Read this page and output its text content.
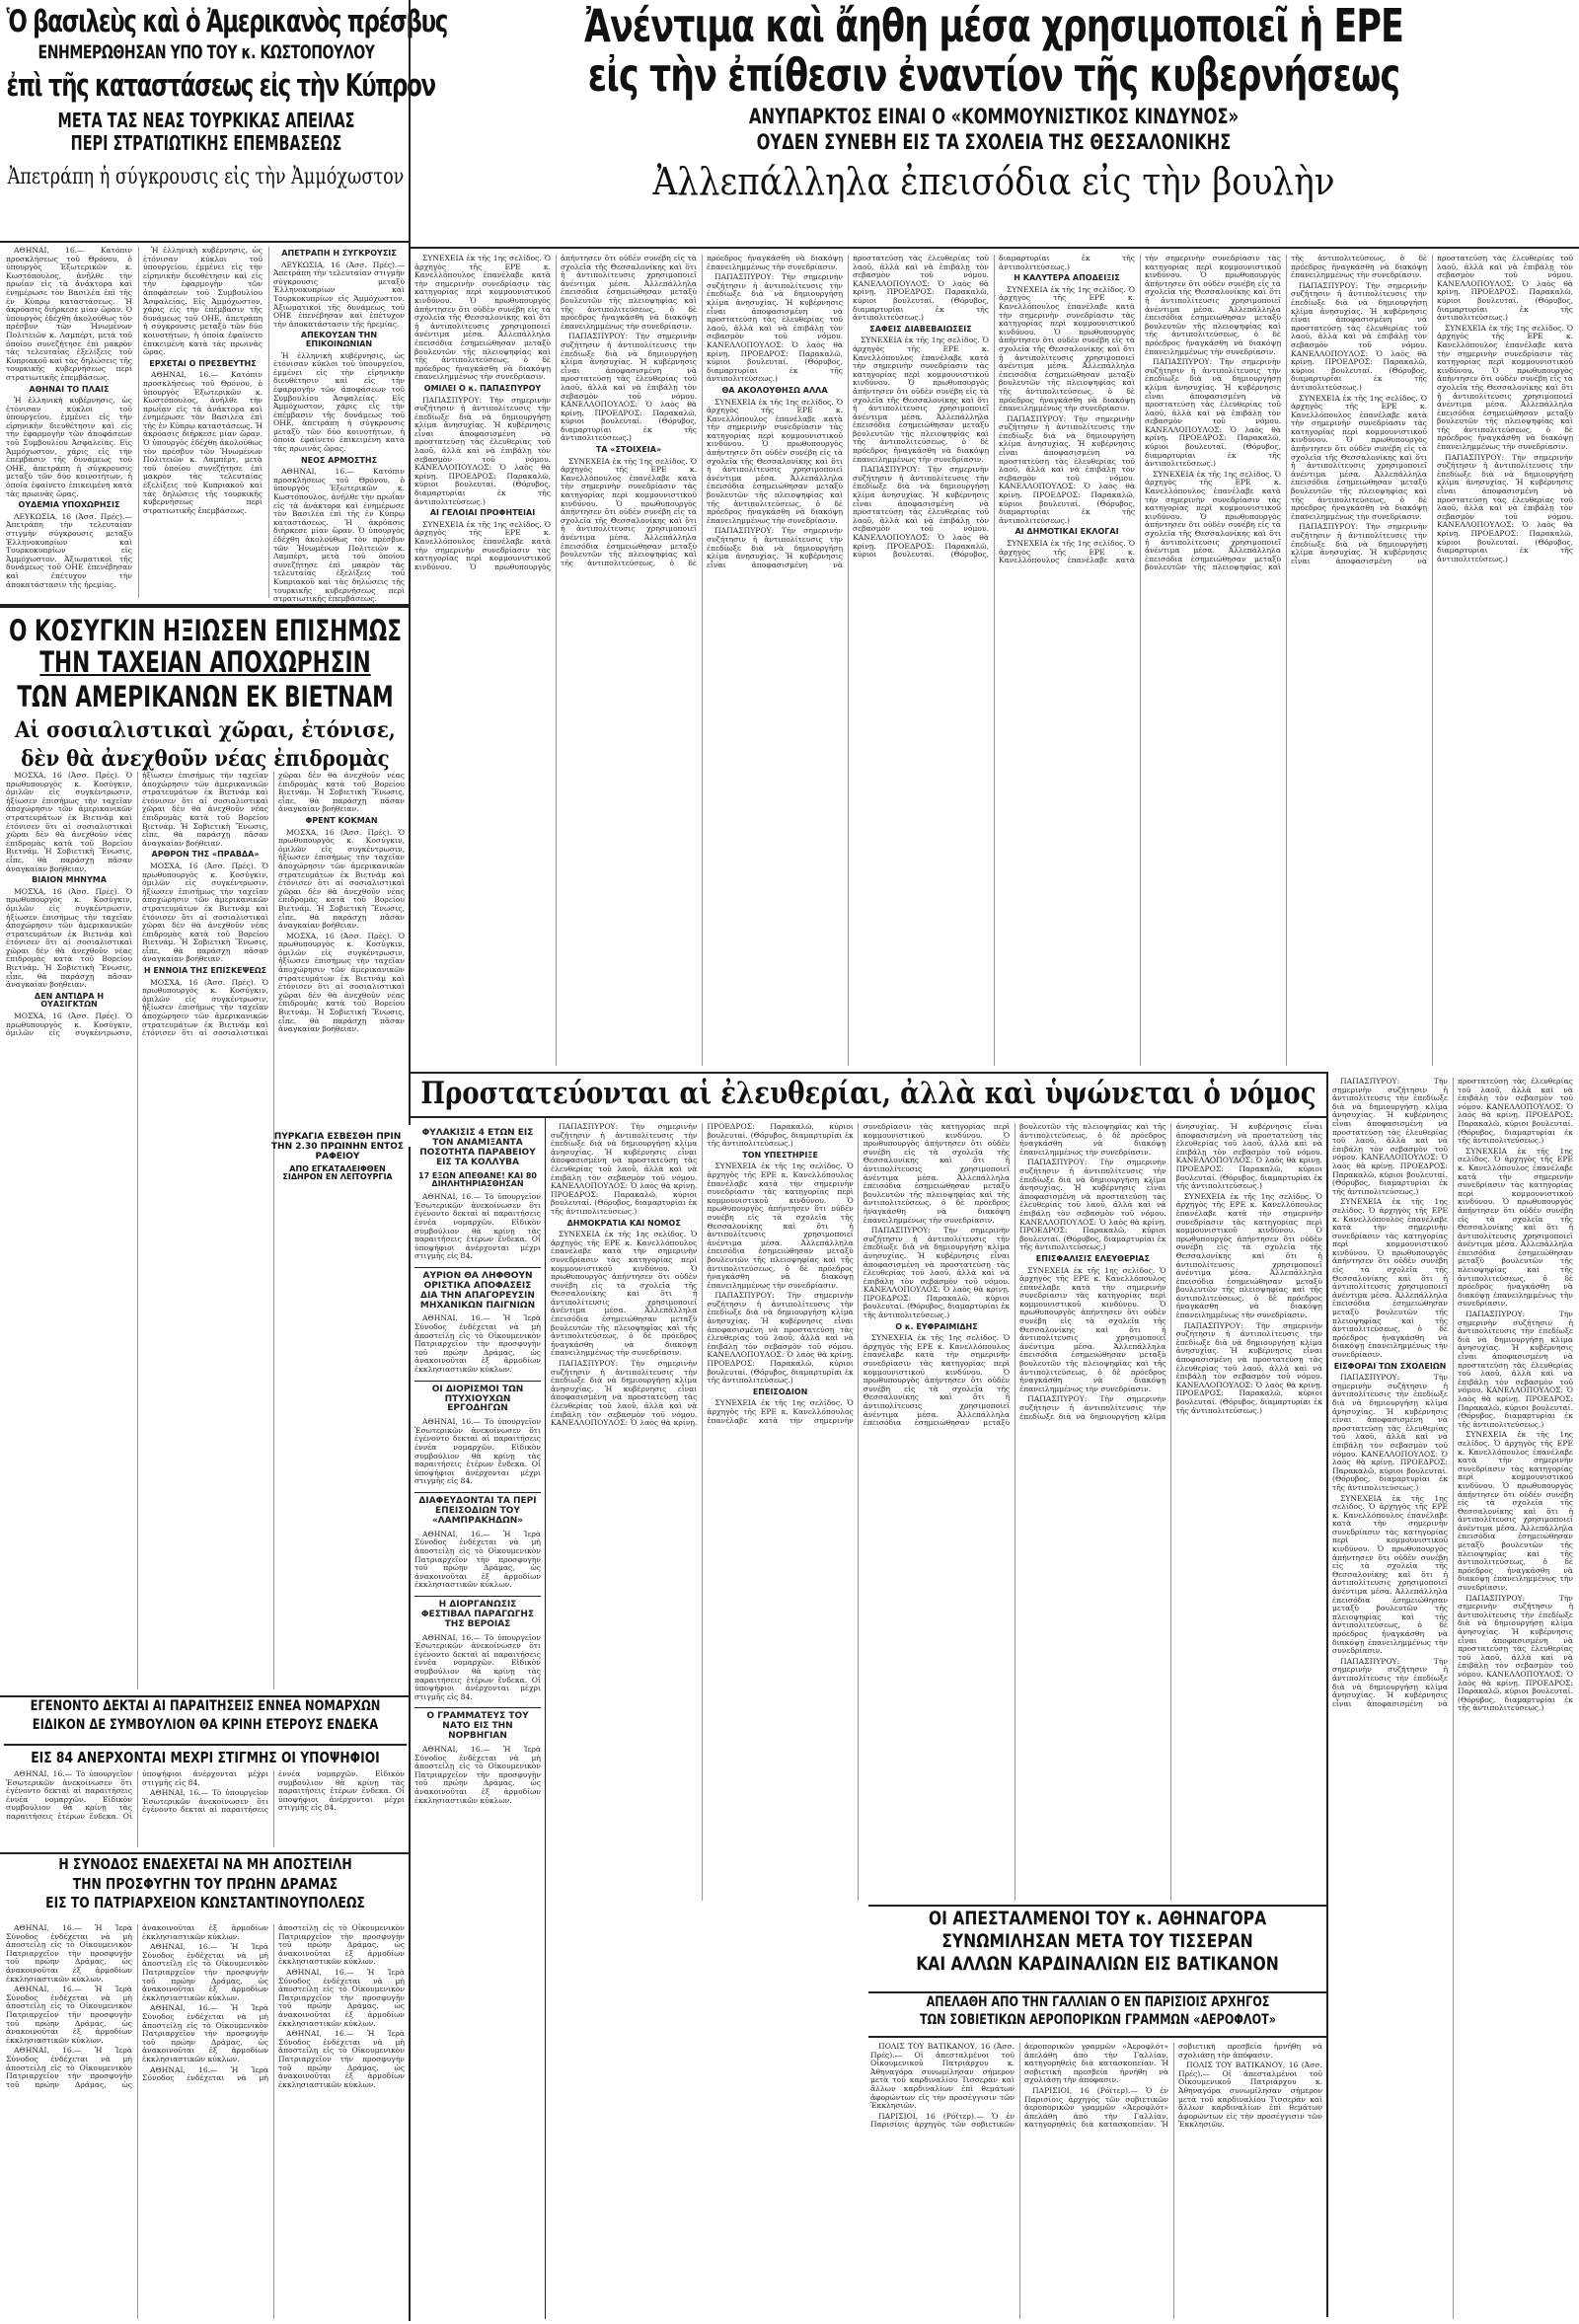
Ὁ βασιλεὺς καὶ ὁ Ἀμερικανὸς πρέσβυς
ΕΝΗΜΕΡΩΘΗΣΑΝ ΥΠΟ ΤΟΥ κ. ΚΩΣΤΟΠΟΥΛΟΥ
ἐπὶ τῆς καταστάσεως εἰς τὴν Κύπρον
ΜΕΤΑ ΤΑΣ ΝΕΑΣ ΤΟΥΡΚΙΚΑΣ ΑΠΕΙΛΑΣ
ΠΕΡΙ ΣΤΡΑΤΙΩΤΙΚΗΣ ΕΠΕΜΒΑΣΕΩΣ
Ἀπετράπη ἡ σύγκρουσις εἰς τὴν Ἀμμόχωστον
Ἀνέντιμα καὶ ἄηθη μέσα χρησιμοποιεῖ ἡ ΕΡΕ
εἰς τὴν ἐπίθεσιν ἐναντίον τῆς κυβερνήσεως
ΑΝΥΠΑΡΚΤΟΣ ΕΙΝΑΙ Ο «ΚΟΜΜΟΥΝΙΣΤΙΚΟΣ ΚΙΝΔΥΝΟΣ»
ΟΥΔΕΝ ΣΥΝΕΒΗ ΕΙΣ ΤΑ ΣΧΟΛΕΙΑ ΤΗΣ ΘΕΣΣΑΛΟΝΙΚΗΣ
Ἀλλεπάλληλα ἐπεισόδια εἰς τὴν βουλὴν

ΑΘΗΝΑΙ, 16.— Κατόπιν προσκλήσεως τοῦ Θρόνου, ὁ ὑπουργὸς Ἐξωτερικῶν κ. Κωστόπουλος, ἀνῆλθε τὴν πρωΐαν εἰς τὰ ἀνάκτορα καὶ ἐνημέρωσε τὸν Βασιλέα ἐπὶ τῆς ἐν Κύπρῳ καταστάσεως. Ἡ ἀκρόασις διήρκεσε μίαν ὥραν. Ὁ ὑπουργὸς ἐδέχθη ἀκολούθως τὸν πρέσβυν τῶν Ἡνωμένων Πολιτειῶν κ. Λαμπέρτ, μετὰ τοῦ ὁποίου συνεζήτησε ἐπὶ μακρὸν τὰς τελευταίας ἐξελίξεις τοῦ Κυπριακοῦ καὶ τὰς δηλώσεις τῆς τουρκικῆς κυβερνήσεως περὶ στρατιωτικῆς ἐπεμβάσεως.

ΑΘΗΝΑΙ ΤΟ ΠΛΑΙΣ

Ἡ ἑλληνικὴ κυβέρνησις, ὡς ἐτόνισαν κύκλοι τοῦ ὑπουργείου, ἐμμένει εἰς τὴν εἰρηνικὴν διευθέτησιν καὶ εἰς τὴν ἐφαρμογὴν τῶν ἀποφάσεων τοῦ Συμβουλίου Ἀσφαλείας. Εἰς Ἀμμόχωστον, χάρις εἰς τὴν ἐπέμβασιν τῆς δυνάμεως τοῦ ΟΗΕ, ἀπετράπη ἡ σύγκρουσις μεταξὺ τῶν δύο κοινοτήτων, ἡ ὁποία ἐφαίνετο ἐπικειμένη κατὰ τὰς πρωινὰς ὥρας.

ΟΥΔΕΜΙΑ ΥΠΟΧΩΡΗΣΙΣ

ΛΕΥΚΩΣΙΑ, 16 (Ἀσσ. Πρές).— Ἀπετράπη τὴν τελευταίαν στιγμὴν σύγκρουσις μεταξὺ Ἑλληνοκυπρίων καὶ Τουρκοκυπρίων εἰς Ἀμμόχωστον. Ἀξιωματικοὶ τῆς δυνάμεως τοῦ ΟΗΕ ἐπενέβησαν καὶ ἐπέτυχον τὴν ἀποκατάστασιν τῆς ἠρεμίας.

Ἡ ἑλληνικὴ κυβέρνησις, ὡς ἐτόνισαν κύκλοι τοῦ ὑπουργείου, ἐμμένει εἰς τὴν εἰρηνικὴν διευθέτησιν καὶ εἰς τὴν ἐφαρμογὴν τῶν ἀποφάσεων τοῦ Συμβουλίου Ἀσφαλείας. Εἰς Ἀμμόχωστον, χάρις εἰς τὴν ἐπέμβασιν τῆς δυνάμεως τοῦ ΟΗΕ, ἀπετράπη ἡ σύγκρουσις μεταξὺ τῶν δύο κοινοτήτων, ἡ ὁποία ἐφαίνετο ἐπικειμένη κατὰ τὰς πρωινὰς ὥρας.

ΕΡΧΕΤΑΙ Ο ΠΡΕΣΒΕΥΤΗΣ

ΑΘΗΝΑΙ, 16.— Κατόπιν προσκλήσεως τοῦ Θρόνου, ὁ ὑπουργὸς Ἐξωτερικῶν κ. Κωστόπουλος, ἀνῆλθε τὴν πρωΐαν εἰς τὰ ἀνάκτορα καὶ ἐνημέρωσε τὸν Βασιλέα ἐπὶ τῆς ἐν Κύπρῳ καταστάσεως. Ἡ ἀκρόασις διήρκεσε μίαν ὥραν. Ὁ ὑπουργὸς ἐδέχθη ἀκολούθως τὸν πρέσβυν τῶν Ἡνωμένων Πολιτειῶν κ. Λαμπέρτ, μετὰ τοῦ ὁποίου συνεζήτησε ἐπὶ μακρὸν τὰς τελευταίας ἐξελίξεις τοῦ Κυπριακοῦ καὶ τὰς δηλώσεις τῆς τουρκικῆς κυβερνήσεως περὶ στρατιωτικῆς ἐπεμβάσεως.

ΑΠΕΤΡΑΠΗ Η ΣΥΓΚΡΟΥΣΙΣ

ΛΕΥΚΩΣΙΑ, 16 (Ἀσσ. Πρές).— Ἀπετράπη τὴν τελευταίαν στιγμὴν σύγκρουσις μεταξὺ Ἑλληνοκυπρίων καὶ Τουρκοκυπρίων εἰς Ἀμμόχωστον. Ἀξιωματικοὶ τῆς δυνάμεως τοῦ ΟΗΕ ἐπενέβησαν καὶ ἐπέτυχον τὴν ἀποκατάστασιν τῆς ἠρεμίας.

ΑΠΕΚΟΥΣΑΝ ΤΗΝ ΕΠΙΚΟΙΝΩΝΙΑΝ

Ἡ ἑλληνικὴ κυβέρνησις, ὡς ἐτόνισαν κύκλοι τοῦ ὑπουργείου, ἐμμένει εἰς τὴν εἰρηνικὴν διευθέτησιν καὶ εἰς τὴν ἐφαρμογὴν τῶν ἀποφάσεων τοῦ Συμβουλίου Ἀσφαλείας. Εἰς Ἀμμόχωστον, χάρις εἰς τὴν ἐπέμβασιν τῆς δυνάμεως τοῦ ΟΗΕ, ἀπετράπη ἡ σύγκρουσις μεταξὺ τῶν δύο κοινοτήτων, ἡ ὁποία ἐφαίνετο ἐπικειμένη κατὰ τὰς πρωινὰς ὥρας.

ΝΕΟΣ ΑΡΜΟΣΤΗΣ

ΑΘΗΝΑΙ, 16.— Κατόπιν προσκλήσεως τοῦ Θρόνου, ὁ ὑπουργὸς Ἐξωτερικῶν κ. Κωστόπουλος, ἀνῆλθε τὴν πρωΐαν εἰς τὰ ἀνάκτορα καὶ ἐνημέρωσε τὸν Βασιλέα ἐπὶ τῆς ἐν Κύπρῳ καταστάσεως. Ἡ ἀκρόασις διήρκεσε μίαν ὥραν. Ὁ ὑπουργὸς ἐδέχθη ἀκολούθως τὸν πρέσβυν τῶν Ἡνωμένων Πολιτειῶν κ. Λαμπέρτ, μετὰ τοῦ ὁποίου συνεζήτησε ἐπὶ μακρὸν τὰς τελευταίας ἐξελίξεις τοῦ Κυπριακοῦ καὶ τὰς δηλώσεις τῆς τουρκικῆς κυβερνήσεως περὶ στρατιωτικῆς ἐπεμβάσεως.

Ο ΚΟΣΥΓΚΙΝ ΗΞΙΩΣΕΝ ΕΠΙΣΗΜΩΣ
ΤΗΝ ΤΑΧΕΙΑΝ ΑΠΟΧΩΡΗΣΙΝ
ΤΩΝ ΑΜΕΡΙΚΑΝΩΝ ΕΚ ΒΙΕΤΝΑΜ
Αἱ σοσιαλιστικαὶ χῶραι, ἐτόνισε,
δὲν θὰ ἀνεχθοῦν νέας ἐπιδρομὰς

ΜΟΣΧΑ, 16 (Ἀσσ. Πρές). Ὁ πρωθυπουργὸς κ. Κοσύγκιν, ὁμιλῶν εἰς συγκέντρωσιν, ἠξίωσεν ἐπισήμως τὴν ταχεῖαν ἀποχώρησιν τῶν ἀμερικανικῶν στρατευμάτων ἐκ Βιετνάμ καὶ ἐτόνισεν ὅτι αἱ σοσιαλιστικαὶ χῶραι δὲν θὰ ἀνεχθοῦν νέας ἐπιδρομὰς κατὰ τοῦ Βορείου Βιετνάμ. Ἡ Σοβιετικὴ Ἕνωσις, εἶπε, θὰ παράσχῃ πᾶσαν ἀναγκαίαν βοήθειαν.

ΒΙΑΙΟΝ ΜΗΝΥΜΑ

ΜΟΣΧΑ, 16 (Ἀσσ. Πρές). Ὁ πρωθυπουργὸς κ. Κοσύγκιν, ὁμιλῶν εἰς συγκέντρωσιν, ἠξίωσεν ἐπισήμως τὴν ταχεῖαν ἀποχώρησιν τῶν ἀμερικανικῶν στρατευμάτων ἐκ Βιετνάμ καὶ ἐτόνισεν ὅτι αἱ σοσιαλιστικαὶ χῶραι δὲν θὰ ἀνεχθοῦν νέας ἐπιδρομὰς κατὰ τοῦ Βορείου Βιετνάμ. Ἡ Σοβιετικὴ Ἕνωσις, εἶπε, θὰ παράσχῃ πᾶσαν ἀναγκαίαν βοήθειαν.

ΔΕΝ ΑΝΤΙΔΡΑ Η ΟΥΑΣΙΓΚΤΩΝ

ΜΟΣΧΑ, 16 (Ἀσσ. Πρές). Ὁ πρωθυπουργὸς κ. Κοσύγκιν, ὁμιλῶν εἰς συγκέντρωσιν, ἠξίωσεν ἐπισήμως τὴν ταχεῖαν ἀποχώρησιν τῶν ἀμερικανικῶν στρατευμάτων ἐκ Βιετνάμ καὶ ἐτόνισεν ὅτι αἱ σοσιαλιστικαὶ χῶραι δὲν θὰ ἀνεχθοῦν νέας ἐπιδρομὰς κατὰ τοῦ Βορείου Βιετνάμ. Ἡ Σοβιετικὴ Ἕνωσις, εἶπε, θὰ παράσχῃ πᾶσαν ἀναγκαίαν βοήθειαν.

ΑΡΘΡΟΝ ΤΗΣ «ΠΡΑΒΔΑ»

ΜΟΣΧΑ, 16 (Ἀσσ. Πρές). Ὁ πρωθυπουργὸς κ. Κοσύγκιν, ὁμιλῶν εἰς συγκέντρωσιν, ἠξίωσεν ἐπισήμως τὴν ταχεῖαν ἀποχώρησιν τῶν ἀμερικανικῶν στρατευμάτων ἐκ Βιετνάμ καὶ ἐτόνισεν ὅτι αἱ σοσιαλιστικαὶ χῶραι δὲν θὰ ἀνεχθοῦν νέας ἐπιδρομὰς κατὰ τοῦ Βορείου Βιετνάμ. Ἡ Σοβιετικὴ Ἕνωσις, εἶπε, θὰ παράσχῃ πᾶσαν ἀναγκαίαν βοήθειαν.

Η ΕΝΝΟΙΑ ΤΗΣ ΕΠΙΣΚΕΨΕΩΣ

ΜΟΣΧΑ, 16 (Ἀσσ. Πρές). Ὁ πρωθυπουργὸς κ. Κοσύγκιν, ὁμιλῶν εἰς συγκέντρωσιν, ἠξίωσεν ἐπισήμως τὴν ταχεῖαν ἀποχώρησιν τῶν ἀμερικανικῶν στρατευμάτων ἐκ Βιετνάμ καὶ ἐτόνισεν ὅτι αἱ σοσιαλιστικαὶ χῶραι δὲν θὰ ἀνεχθοῦν νέας ἐπιδρομὰς κατὰ τοῦ Βορείου Βιετνάμ. Ἡ Σοβιετικὴ Ἕνωσις, εἶπε, θὰ παράσχῃ πᾶσαν ἀναγκαίαν βοήθειαν.

ΦΡΕΝΤ ΚΟΚΜΑΝ

ΜΟΣΧΑ, 16 (Ἀσσ. Πρές). Ὁ πρωθυπουργὸς κ. Κοσύγκιν, ὁμιλῶν εἰς συγκέντρωσιν, ἠξίωσεν ἐπισήμως τὴν ταχεῖαν ἀποχώρησιν τῶν ἀμερικανικῶν στρατευμάτων ἐκ Βιετνάμ καὶ ἐτόνισεν ὅτι αἱ σοσιαλιστικαὶ χῶραι δὲν θὰ ἀνεχθοῦν νέας ἐπιδρομὰς κατὰ τοῦ Βορείου Βιετνάμ. Ἡ Σοβιετικὴ Ἕνωσις, εἶπε, θὰ παράσχῃ πᾶσαν ἀναγκαίαν βοήθειαν.

ΜΟΣΧΑ, 16 (Ἀσσ. Πρές). Ὁ πρωθυπουργὸς κ. Κοσύγκιν, ὁμιλῶν εἰς συγκέντρωσιν, ἠξίωσεν ἐπισήμως τὴν ταχεῖαν ἀποχώρησιν τῶν ἀμερικανικῶν στρατευμάτων ἐκ Βιετνάμ καὶ ἐτόνισεν ὅτι αἱ σοσιαλιστικαὶ χῶραι δὲν θὰ ἀνεχθοῦν νέας ἐπιδρομὰς κατὰ τοῦ Βορείου Βιετνάμ. Ἡ Σοβιετικὴ Ἕνωσις, εἶπε, θὰ παράσχῃ πᾶσαν ἀναγκαίαν βοήθειαν.

ΕΓΕΝΟΝΤΟ ΔΕΚΤΑΙ ΑΙ ΠΑΡΑΙΤΗΣΕΙΣ ΕΝΝΕΑ ΝΟΜΑΡΧΩΝ
ΕΙΔΙΚΟΝ ΔΕ ΣΥΜΒΟΥΛΙΟΝ ΘΑ ΚΡΙΝΗ ΕΤΕΡΟΥΣ ΕΝΔΕΚΑ
ΕΙΣ 84 ΑΝΕΡΧΟΝΤΑΙ ΜΕΧΡΙ ΣΤΙΓΜΗΣ ΟΙ ΥΠΟΨΗΦΙΟΙ

ΑΘΗΝΑΙ, 16.— Τὸ ὑπουργεῖον Ἐσωτερικῶν ἀνεκοίνωσεν ὅτι ἐγένοντο δεκταὶ αἱ παραιτήσεις ἐννέα νομαρχῶν. Εἰδικὸν συμβούλιον θὰ κρίνῃ τὰς παραιτήσεις ἑτέρων ἕνδεκα. Οἱ ὑποψήφιοι ἀνέρχονται μέχρι στιγμῆς εἰς 84.

ΑΘΗΝΑΙ, 16.— Τὸ ὑπουργεῖον Ἐσωτερικῶν ἀνεκοίνωσεν ὅτι ἐγένοντο δεκταὶ αἱ παραιτήσεις ἐννέα νομαρχῶν. Εἰδικὸν συμβούλιον θὰ κρίνῃ τὰς παραιτήσεις ἑτέρων ἕνδεκα. Οἱ ὑποψήφιοι ἀνέρχονται μέχρι στιγμῆς εἰς 84.

Η ΣΥΝΟΔΟΣ ΕΝΔΕΧΕΤΑΙ ΝΑ ΜΗ ΑΠΟΣΤΕΙΛΗ
ΤΗΝ ΠΡΟΣΦΥΓΗΝ ΤΟΥ ΠΡΩΗΝ ΔΡΑΜΑΣ
ΕΙΣ ΤΟ ΠΑΤΡΙΑΡΧΕΙΟΝ ΚΩΝΣΤΑΝΤΙΝΟΥΠΟΛΕΩΣ

ΑΘΗΝΑΙ, 16.— Ἡ Ἱερὰ Σύνοδος ἐνδέχεται νὰ μὴ ἀποστείλῃ εἰς τὸ Οἰκουμενικὸν Πατριαρχεῖον τὴν προσφυγὴν τοῦ πρώην Δράμας, ὡς ἀνακοινοῦται ἐξ ἁρμοδίων ἐκκλησιαστικῶν κύκλων.

ΑΘΗΝΑΙ, 16.— Ἡ Ἱερὰ Σύνοδος ἐνδέχεται νὰ μὴ ἀποστείλῃ εἰς τὸ Οἰκουμενικὸν Πατριαρχεῖον τὴν προσφυγὴν τοῦ πρώην Δράμας, ὡς ἀνακοινοῦται ἐξ ἁρμοδίων ἐκκλησιαστικῶν κύκλων.

ΑΘΗΝΑΙ, 16.— Ἡ Ἱερὰ Σύνοδος ἐνδέχεται νὰ μὴ ἀποστείλῃ εἰς τὸ Οἰκουμενικὸν Πατριαρχεῖον τὴν προσφυγὴν τοῦ πρώην Δράμας, ὡς ἀνακοινοῦται ἐξ ἁρμοδίων ἐκκλησιαστικῶν κύκλων.

ΑΘΗΝΑΙ, 16.— Ἡ Ἱερὰ Σύνοδος ἐνδέχεται νὰ μὴ ἀποστείλῃ εἰς τὸ Οἰκουμενικὸν Πατριαρχεῖον τὴν προσφυγὴν τοῦ πρώην Δράμας, ὡς ἀνακοινοῦται ἐξ ἁρμοδίων ἐκκλησιαστικῶν κύκλων.

ΑΘΗΝΑΙ, 16.— Ἡ Ἱερὰ Σύνοδος ἐνδέχεται νὰ μὴ ἀποστείλῃ εἰς τὸ Οἰκουμενικὸν Πατριαρχεῖον τὴν προσφυγὴν τοῦ πρώην Δράμας, ὡς ἀνακοινοῦται ἐξ ἁρμοδίων ἐκκλησιαστικῶν κύκλων.

ΑΘΗΝΑΙ, 16.— Ἡ Ἱερὰ Σύνοδος ἐνδέχεται νὰ μὴ ἀποστείλῃ εἰς τὸ Οἰκουμενικὸν Πατριαρχεῖον τὴν προσφυγὴν τοῦ πρώην Δράμας, ὡς ἀνακοινοῦται ἐξ ἁρμοδίων ἐκκλησιαστικῶν κύκλων.

ΑΘΗΝΑΙ, 16.— Ἡ Ἱερὰ Σύνοδος ἐνδέχεται νὰ μὴ ἀποστείλῃ εἰς τὸ Οἰκουμενικὸν Πατριαρχεῖον τὴν προσφυγὴν τοῦ πρώην Δράμας, ὡς ἀνακοινοῦται ἐξ ἁρμοδίων ἐκκλησιαστικῶν κύκλων.

ΑΘΗΝΑΙ, 16.— Ἡ Ἱερὰ Σύνοδος ἐνδέχεται νὰ μὴ ἀποστείλῃ εἰς τὸ Οἰκουμενικὸν Πατριαρχεῖον τὴν προσφυγὴν τοῦ πρώην Δράμας, ὡς ἀνακοινοῦται ἐξ ἁρμοδίων ἐκκλησιαστικῶν κύκλων.

ΠΥΡΚΑΓΙΑ ΕΣΒΕΣΘΗ ΠΡΙΝ ΤΗΝ 2.30 ΠΡΩΙΝΗΝ ΕΝΤΟΣ ΡΑΦΕΙΟΥ
ΑΠΟ ΕΓΚΑΤΑΛΕΙΦΘΕΝ ΣΙΔΗΡΟΝ ΕΝ ΛΕΙΤΟΥΡΓΙΑ

ΣΥΝΕΧΕΙΑ ἐκ τῆς 1ης σελίδος. Ὁ ἀρχηγὸς τῆς ΕΡΕ κ. Κανελλόπουλος ἐπανέλαβε κατὰ τὴν σημερινὴν συνεδρίασιν τὰς κατηγορίας περὶ κομμουνιστικοῦ κινδύνου. Ὁ πρωθυπουργὸς ἀπήντησεν ὅτι οὐδὲν συνέβη εἰς τὰ σχολεῖα τῆς Θεσσαλονίκης καὶ ὅτι ἡ ἀντιπολίτευσις χρησιμοποιεῖ ἀνέντιμα μέσα. Ἀλλεπάλληλα ἐπεισόδια ἐσημειώθησαν μεταξὺ βουλευτῶν τῆς πλειοψηφίας καὶ τῆς ἀντιπολιτεύσεως, ὁ δὲ πρόεδρος ἠναγκάσθη νὰ διακόψῃ ἐπανειλημμένως τὴν συνεδρίασιν.

ΟΜΙΛΕΙ Ο κ. ΠΑΠΑΣΠΥΡΟΥ

ΠΑΠΑΣΠΥΡΟΥ: Τὴν σημερινὴν συζήτησιν ἡ ἀντιπολίτευσις τὴν ἐπεδίωξε διὰ νὰ δημιουργήσῃ κλίμα ἀνησυχίας. Ἡ κυβέρνησις εἶναι ἀποφασισμένη νὰ προστατεύσῃ τὰς ἐλευθερίας τοῦ λαοῦ, ἀλλὰ καὶ νὰ ἐπιβάλῃ τὸν σεβασμὸν τοῦ νόμου. ΚΑΝΕΛΛΟΠΟΥΛΟΣ: Ὁ λαὸς θὰ κρίνῃ. ΠΡΟΕΔΡΟΣ: Παρακαλῶ, κύριοι βουλευταί. (Θόρυβος, διαμαρτυρίαι ἐκ τῆς ἀντιπολιτεύσεως.)

ΑΙ ΓΕΛΟΙΑΙ ΠΡΟΦΗΤΕΙΑΙ

ΣΥΝΕΧΕΙΑ ἐκ τῆς 1ης σελίδος. Ὁ ἀρχηγὸς τῆς ΕΡΕ κ. Κανελλόπουλος ἐπανέλαβε κατὰ τὴν σημερινὴν συνεδρίασιν τὰς κατηγορίας περὶ κομμουνιστικοῦ κινδύνου. Ὁ πρωθυπουργὸς ἀπήντησεν ὅτι οὐδὲν συνέβη εἰς τὰ σχολεῖα τῆς Θεσσαλονίκης καὶ ὅτι ἡ ἀντιπολίτευσις χρησιμοποιεῖ ἀνέντιμα μέσα. Ἀλλεπάλληλα ἐπεισόδια ἐσημειώθησαν μεταξὺ βουλευτῶν τῆς πλειοψηφίας καὶ τῆς ἀντιπολιτεύσεως, ὁ δὲ πρόεδρος ἠναγκάσθη νὰ διακόψῃ ἐπανειλημμένως τὴν συνεδρίασιν.

ΠΑΠΑΣΠΥΡΟΥ: Τὴν σημερινὴν συζήτησιν ἡ ἀντιπολίτευσις τὴν ἐπεδίωξε διὰ νὰ δημιουργήσῃ κλίμα ἀνησυχίας. Ἡ κυβέρνησις εἶναι ἀποφασισμένη νὰ προστατεύσῃ τὰς ἐλευθερίας τοῦ λαοῦ, ἀλλὰ καὶ νὰ ἐπιβάλῃ τὸν σεβασμὸν τοῦ νόμου. ΚΑΝΕΛΛΟΠΟΥΛΟΣ: Ὁ λαὸς θὰ κρίνῃ. ΠΡΟΕΔΡΟΣ: Παρακαλῶ, κύριοι βουλευταί. (Θόρυβος, διαμαρτυρίαι ἐκ τῆς ἀντιπολιτεύσεως.)

ΤΑ «ΣΤΟΙΧΕΙΑ»

ΣΥΝΕΧΕΙΑ ἐκ τῆς 1ης σελίδος. Ὁ ἀρχηγὸς τῆς ΕΡΕ κ. Κανελλόπουλος ἐπανέλαβε κατὰ τὴν σημερινὴν συνεδρίασιν τὰς κατηγορίας περὶ κομμουνιστικοῦ κινδύνου. Ὁ πρωθυπουργὸς ἀπήντησεν ὅτι οὐδὲν συνέβη εἰς τὰ σχολεῖα τῆς Θεσσαλονίκης καὶ ὅτι ἡ ἀντιπολίτευσις χρησιμοποιεῖ ἀνέντιμα μέσα. Ἀλλεπάλληλα ἐπεισόδια ἐσημειώθησαν μεταξὺ βουλευτῶν τῆς πλειοψηφίας καὶ τῆς ἀντιπολιτεύσεως, ὁ δὲ πρόεδρος ἠναγκάσθη νὰ διακόψῃ ἐπανειλημμένως τὴν συνεδρίασιν.

ΠΑΠΑΣΠΥΡΟΥ: Τὴν σημερινὴν συζήτησιν ἡ ἀντιπολίτευσις τὴν ἐπεδίωξε διὰ νὰ δημιουργήσῃ κλίμα ἀνησυχίας. Ἡ κυβέρνησις εἶναι ἀποφασισμένη νὰ προστατεύσῃ τὰς ἐλευθερίας τοῦ λαοῦ, ἀλλὰ καὶ νὰ ἐπιβάλῃ τὸν σεβασμὸν τοῦ νόμου. ΚΑΝΕΛΛΟΠΟΥΛΟΣ: Ὁ λαὸς θὰ κρίνῃ. ΠΡΟΕΔΡΟΣ: Παρακαλῶ, κύριοι βουλευταί. (Θόρυβος, διαμαρτυρίαι ἐκ τῆς ἀντιπολιτεύσεως.)

ΘΑ ΑΚΟΛΟΥΘΗΣΩ ΑΛΛΑ

ΣΥΝΕΧΕΙΑ ἐκ τῆς 1ης σελίδος. Ὁ ἀρχηγὸς τῆς ΕΡΕ κ. Κανελλόπουλος ἐπανέλαβε κατὰ τὴν σημερινὴν συνεδρίασιν τὰς κατηγορίας περὶ κομμουνιστικοῦ κινδύνου. Ὁ πρωθυπουργὸς ἀπήντησεν ὅτι οὐδὲν συνέβη εἰς τὰ σχολεῖα τῆς Θεσσαλονίκης καὶ ὅτι ἡ ἀντιπολίτευσις χρησιμοποιεῖ ἀνέντιμα μέσα. Ἀλλεπάλληλα ἐπεισόδια ἐσημειώθησαν μεταξὺ βουλευτῶν τῆς πλειοψηφίας καὶ τῆς ἀντιπολιτεύσεως, ὁ δὲ πρόεδρος ἠναγκάσθη νὰ διακόψῃ ἐπανειλημμένως τὴν συνεδρίασιν.

ΠΑΠΑΣΠΥΡΟΥ: Τὴν σημερινὴν συζήτησιν ἡ ἀντιπολίτευσις τὴν ἐπεδίωξε διὰ νὰ δημιουργήσῃ κλίμα ἀνησυχίας. Ἡ κυβέρνησις εἶναι ἀποφασισμένη νὰ προστατεύσῃ τὰς ἐλευθερίας τοῦ λαοῦ, ἀλλὰ καὶ νὰ ἐπιβάλῃ τὸν σεβασμὸν τοῦ νόμου. ΚΑΝΕΛΛΟΠΟΥΛΟΣ: Ὁ λαὸς θὰ κρίνῃ. ΠΡΟΕΔΡΟΣ: Παρακαλῶ, κύριοι βουλευταί. (Θόρυβος, διαμαρτυρίαι ἐκ τῆς ἀντιπολιτεύσεως.)

ΣΑΦΕΙΣ ΔΙΑΒΕΒΑΙΩΣΕΙΣ

ΣΥΝΕΧΕΙΑ ἐκ τῆς 1ης σελίδος. Ὁ ἀρχηγὸς τῆς ΕΡΕ κ. Κανελλόπουλος ἐπανέλαβε κατὰ τὴν σημερινὴν συνεδρίασιν τὰς κατηγορίας περὶ κομμουνιστικοῦ κινδύνου. Ὁ πρωθυπουργὸς ἀπήντησεν ὅτι οὐδὲν συνέβη εἰς τὰ σχολεῖα τῆς Θεσσαλονίκης καὶ ὅτι ἡ ἀντιπολίτευσις χρησιμοποιεῖ ἀνέντιμα μέσα. Ἀλλεπάλληλα ἐπεισόδια ἐσημειώθησαν μεταξὺ βουλευτῶν τῆς πλειοψηφίας καὶ τῆς ἀντιπολιτεύσεως, ὁ δὲ πρόεδρος ἠναγκάσθη νὰ διακόψῃ ἐπανειλημμένως τὴν συνεδρίασιν.

ΠΑΠΑΣΠΥΡΟΥ: Τὴν σημερινὴν συζήτησιν ἡ ἀντιπολίτευσις τὴν ἐπεδίωξε διὰ νὰ δημιουργήσῃ κλίμα ἀνησυχίας. Ἡ κυβέρνησις εἶναι ἀποφασισμένη νὰ προστατεύσῃ τὰς ἐλευθερίας τοῦ λαοῦ, ἀλλὰ καὶ νὰ ἐπιβάλῃ τὸν σεβασμὸν τοῦ νόμου. ΚΑΝΕΛΛΟΠΟΥΛΟΣ: Ὁ λαὸς θὰ κρίνῃ. ΠΡΟΕΔΡΟΣ: Παρακαλῶ, κύριοι βουλευταί. (Θόρυβος, διαμαρτυρίαι ἐκ τῆς ἀντιπολιτεύσεως.)

Η ΚΑΛΥΤΕΡΑ ΑΠΟΔΕΙΞΙΣ

ΣΥΝΕΧΕΙΑ ἐκ τῆς 1ης σελίδος. Ὁ ἀρχηγὸς τῆς ΕΡΕ κ. Κανελλόπουλος ἐπανέλαβε κατὰ τὴν σημερινὴν συνεδρίασιν τὰς κατηγορίας περὶ κομμουνιστικοῦ κινδύνου. Ὁ πρωθυπουργὸς ἀπήντησεν ὅτι οὐδὲν συνέβη εἰς τὰ σχολεῖα τῆς Θεσσαλονίκης καὶ ὅτι ἡ ἀντιπολίτευσις χρησιμοποιεῖ ἀνέντιμα μέσα. Ἀλλεπάλληλα ἐπεισόδια ἐσημειώθησαν μεταξὺ βουλευτῶν τῆς πλειοψηφίας καὶ τῆς ἀντιπολιτεύσεως, ὁ δὲ πρόεδρος ἠναγκάσθη νὰ διακόψῃ ἐπανειλημμένως τὴν συνεδρίασιν.

ΠΑΠΑΣΠΥΡΟΥ: Τὴν σημερινὴν συζήτησιν ἡ ἀντιπολίτευσις τὴν ἐπεδίωξε διὰ νὰ δημιουργήσῃ κλίμα ἀνησυχίας. Ἡ κυβέρνησις εἶναι ἀποφασισμένη νὰ προστατεύσῃ τὰς ἐλευθερίας τοῦ λαοῦ, ἀλλὰ καὶ νὰ ἐπιβάλῃ τὸν σεβασμὸν τοῦ νόμου. ΚΑΝΕΛΛΟΠΟΥΛΟΣ: Ὁ λαὸς θὰ κρίνῃ. ΠΡΟΕΔΡΟΣ: Παρακαλῶ, κύριοι βουλευταί. (Θόρυβος, διαμαρτυρίαι ἐκ τῆς ἀντιπολιτεύσεως.)

ΑΙ ΔΗΜΟΤΙΚΑΙ ΕΚΛΟΓΑΙ

ΣΥΝΕΧΕΙΑ ἐκ τῆς 1ης σελίδος. Ὁ ἀρχηγὸς τῆς ΕΡΕ κ. Κανελλόπουλος ἐπανέλαβε κατὰ τὴν σημερινὴν συνεδρίασιν τὰς κατηγορίας περὶ κομμουνιστικοῦ κινδύνου. Ὁ πρωθυπουργὸς ἀπήντησεν ὅτι οὐδὲν συνέβη εἰς τὰ σχολεῖα τῆς Θεσσαλονίκης καὶ ὅτι ἡ ἀντιπολίτευσις χρησιμοποιεῖ ἀνέντιμα μέσα. Ἀλλεπάλληλα ἐπεισόδια ἐσημειώθησαν μεταξὺ βουλευτῶν τῆς πλειοψηφίας καὶ τῆς ἀντιπολιτεύσεως, ὁ δὲ πρόεδρος ἠναγκάσθη νὰ διακόψῃ ἐπανειλημμένως τὴν συνεδρίασιν.

ΠΑΠΑΣΠΥΡΟΥ: Τὴν σημερινὴν συζήτησιν ἡ ἀντιπολίτευσις τὴν ἐπεδίωξε διὰ νὰ δημιουργήσῃ κλίμα ἀνησυχίας. Ἡ κυβέρνησις εἶναι ἀποφασισμένη νὰ προστατεύσῃ τὰς ἐλευθερίας τοῦ λαοῦ, ἀλλὰ καὶ νὰ ἐπιβάλῃ τὸν σεβασμὸν τοῦ νόμου. ΚΑΝΕΛΛΟΠΟΥΛΟΣ: Ὁ λαὸς θὰ κρίνῃ. ΠΡΟΕΔΡΟΣ: Παρακαλῶ, κύριοι βουλευταί. (Θόρυβος, διαμαρτυρίαι ἐκ τῆς ἀντιπολιτεύσεως.)

ΣΥΝΕΧΕΙΑ ἐκ τῆς 1ης σελίδος. Ὁ ἀρχηγὸς τῆς ΕΡΕ κ. Κανελλόπουλος ἐπανέλαβε κατὰ τὴν σημερινὴν συνεδρίασιν τὰς κατηγορίας περὶ κομμουνιστικοῦ κινδύνου. Ὁ πρωθυπουργὸς ἀπήντησεν ὅτι οὐδὲν συνέβη εἰς τὰ σχολεῖα τῆς Θεσσαλονίκης καὶ ὅτι ἡ ἀντιπολίτευσις χρησιμοποιεῖ ἀνέντιμα μέσα. Ἀλλεπάλληλα ἐπεισόδια ἐσημειώθησαν μεταξὺ βουλευτῶν τῆς πλειοψηφίας καὶ τῆς ἀντιπολιτεύσεως, ὁ δὲ πρόεδρος ἠναγκάσθη νὰ διακόψῃ ἐπανειλημμένως τὴν συνεδρίασιν.

ΠΑΠΑΣΠΥΡΟΥ: Τὴν σημερινὴν συζήτησιν ἡ ἀντιπολίτευσις τὴν ἐπεδίωξε διὰ νὰ δημιουργήσῃ κλίμα ἀνησυχίας. Ἡ κυβέρνησις εἶναι ἀποφασισμένη νὰ προστατεύσῃ τὰς ἐλευθερίας τοῦ λαοῦ, ἀλλὰ καὶ νὰ ἐπιβάλῃ τὸν σεβασμὸν τοῦ νόμου. ΚΑΝΕΛΛΟΠΟΥΛΟΣ: Ὁ λαὸς θὰ κρίνῃ. ΠΡΟΕΔΡΟΣ: Παρακαλῶ, κύριοι βουλευταί. (Θόρυβος, διαμαρτυρίαι ἐκ τῆς ἀντιπολιτεύσεως.)

ΣΥΝΕΧΕΙΑ ἐκ τῆς 1ης σελίδος. Ὁ ἀρχηγὸς τῆς ΕΡΕ κ. Κανελλόπουλος ἐπανέλαβε κατὰ τὴν σημερινὴν συνεδρίασιν τὰς κατηγορίας περὶ κομμουνιστικοῦ κινδύνου. Ὁ πρωθυπουργὸς ἀπήντησεν ὅτι οὐδὲν συνέβη εἰς τὰ σχολεῖα τῆς Θεσσαλονίκης καὶ ὅτι ἡ ἀντιπολίτευσις χρησιμοποιεῖ ἀνέντιμα μέσα. Ἀλλεπάλληλα ἐπεισόδια ἐσημειώθησαν μεταξὺ βουλευτῶν τῆς πλειοψηφίας καὶ τῆς ἀντιπολιτεύσεως, ὁ δὲ πρόεδρος ἠναγκάσθη νὰ διακόψῃ ἐπανειλημμένως τὴν συνεδρίασιν.

ΠΑΠΑΣΠΥΡΟΥ: Τὴν σημερινὴν συζήτησιν ἡ ἀντιπολίτευσις τὴν ἐπεδίωξε διὰ νὰ δημιουργήσῃ κλίμα ἀνησυχίας. Ἡ κυβέρνησις εἶναι ἀποφασισμένη νὰ προστατεύσῃ τὰς ἐλευθερίας τοῦ λαοῦ, ἀλλὰ καὶ νὰ ἐπιβάλῃ τὸν σεβασμὸν τοῦ νόμου. ΚΑΝΕΛΛΟΠΟΥΛΟΣ: Ὁ λαὸς θὰ κρίνῃ. ΠΡΟΕΔΡΟΣ: Παρακαλῶ, κύριοι βουλευταί. (Θόρυβος, διαμαρτυρίαι ἐκ τῆς ἀντιπολιτεύσεως.)

ΣΥΝΕΧΕΙΑ ἐκ τῆς 1ης σελίδος. Ὁ ἀρχηγὸς τῆς ΕΡΕ κ. Κανελλόπουλος ἐπανέλαβε κατὰ τὴν σημερινὴν συνεδρίασιν τὰς κατηγορίας περὶ κομμουνιστικοῦ κινδύνου. Ὁ πρωθυπουργὸς ἀπήντησεν ὅτι οὐδὲν συνέβη εἰς τὰ σχολεῖα τῆς Θεσσαλονίκης καὶ ὅτι ἡ ἀντιπολίτευσις χρησιμοποιεῖ ἀνέντιμα μέσα. Ἀλλεπάλληλα ἐπεισόδια ἐσημειώθησαν μεταξὺ βουλευτῶν τῆς πλειοψηφίας καὶ τῆς ἀντιπολιτεύσεως, ὁ δὲ πρόεδρος ἠναγκάσθη νὰ διακόψῃ ἐπανειλημμένως τὴν συνεδρίασιν.

ΠΑΠΑΣΠΥΡΟΥ: Τὴν σημερινὴν συζήτησιν ἡ ἀντιπολίτευσις τὴν ἐπεδίωξε διὰ νὰ δημιουργήσῃ κλίμα ἀνησυχίας. Ἡ κυβέρνησις εἶναι ἀποφασισμένη νὰ προστατεύσῃ τὰς ἐλευθερίας τοῦ λαοῦ, ἀλλὰ καὶ νὰ ἐπιβάλῃ τὸν σεβασμὸν τοῦ νόμου. ΚΑΝΕΛΛΟΠΟΥΛΟΣ: Ὁ λαὸς θὰ κρίνῃ. ΠΡΟΕΔΡΟΣ: Παρακαλῶ, κύριοι βουλευταί. (Θόρυβος, διαμαρτυρίαι ἐκ τῆς ἀντιπολιτεύσεως.)

Προστατεύονται αἱ ἐλευθερίαι, ἀλλὰ καὶ ὑψώνεται ὁ νόμος
ΦΥΛΑΚΙΣΙΣ 4 ΕΤΩΝ ΕΙΣ ΤΟΝ ΑΝΑΜΙΞΑΝΤΑ ΠΟΣΟΤΗΤΑ ΠΑΡΑΒΕΙΟΥ ΕΙΣ ΤΑ ΚΟΛΛΥΒΑ
17 ΕΞΩΝ ΑΠΕΘΑΝΕ! ΚΑΙ 80 ΔΙΗΛΗΤΗΡΙΑΣΘΗΣΑΝ

ΑΘΗΝΑΙ, 16.— Τὸ ὑπουργεῖον Ἐσωτερικῶν ἀνεκοίνωσεν ὅτι ἐγένοντο δεκταὶ αἱ παραιτήσεις ἐννέα νομαρχῶν. Εἰδικὸν συμβούλιον θὰ κρίνῃ τὰς παραιτήσεις ἑτέρων ἕνδεκα. Οἱ ὑποψήφιοι ἀνέρχονται μέχρι στιγμῆς εἰς 84.

ΑΥΡΙΟΝ ΘΑ ΛΗΦΘΟΥΝ ΟΡΙΣΤΙΚΑ ΑΠΟΦΑΣΕΙΣ ΔΙΑ ΤΗΝ ΑΠΑΓΟΡΕΥΣΙΝ ΜΗΧΑΝΙΚΩΝ ΠΑΙΓΝΙΩΝ

ΑΘΗΝΑΙ, 16.— Ἡ Ἱερὰ Σύνοδος ἐνδέχεται νὰ μὴ ἀποστείλῃ εἰς τὸ Οἰκουμενικὸν Πατριαρχεῖον τὴν προσφυγὴν τοῦ πρώην Δράμας, ὡς ἀνακοινοῦται ἐξ ἁρμοδίων ἐκκλησιαστικῶν κύκλων.

ΟΙ ΔΙΟΡΙΣΜΟΙ ΤΩΝ ΠΤΥΧΙΟΥΧΩΝ ΕΡΓΟΔΗΓΩΝ

ΑΘΗΝΑΙ, 16.— Τὸ ὑπουργεῖον Ἐσωτερικῶν ἀνεκοίνωσεν ὅτι ἐγένοντο δεκταὶ αἱ παραιτήσεις ἐννέα νομαρχῶν. Εἰδικὸν συμβούλιον θὰ κρίνῃ τὰς παραιτήσεις ἑτέρων ἕνδεκα. Οἱ ὑποψήφιοι ἀνέρχονται μέχρι στιγμῆς εἰς 84.

ΔΙΑΦΕΥΔΟΝΤΑΙ ΤΑ ΠΕΡΙ ΕΠΕΙΣΟΔΙΩΝ ΤΟΥ «ΛΑΜΠΡΑΚΗΔΩΝ»

ΑΘΗΝΑΙ, 16.— Ἡ Ἱερὰ Σύνοδος ἐνδέχεται νὰ μὴ ἀποστείλῃ εἰς τὸ Οἰκουμενικὸν Πατριαρχεῖον τὴν προσφυγὴν τοῦ πρώην Δράμας, ὡς ἀνακοινοῦται ἐξ ἁρμοδίων ἐκκλησιαστικῶν κύκλων.

Η ΔΙΟΡΓΑΝΩΣΙΣ ΦΕΣΤΙΒΑΛ ΠΑΡΑΓΩΓΗΣ ΤΗΣ ΒΕΡΟΙΑΣ

ΑΘΗΝΑΙ, 16.— Τὸ ὑπουργεῖον Ἐσωτερικῶν ἀνεκοίνωσεν ὅτι ἐγένοντο δεκταὶ αἱ παραιτήσεις ἐννέα νομαρχῶν. Εἰδικὸν συμβούλιον θὰ κρίνῃ τὰς παραιτήσεις ἑτέρων ἕνδεκα. Οἱ ὑποψήφιοι ἀνέρχονται μέχρι στιγμῆς εἰς 84.

Ο ΓΡΑΜΜΑΤΕΥΣ ΤΟΥ ΝΑΤΟ ΕΙΣ ΤΗΝ ΝΟΡΒΗΓΙΑΝ

ΑΘΗΝΑΙ, 16.— Ἡ Ἱερὰ Σύνοδος ἐνδέχεται νὰ μὴ ἀποστείλῃ εἰς τὸ Οἰκουμενικὸν Πατριαρχεῖον τὴν προσφυγὴν τοῦ πρώην Δράμας, ὡς ἀνακοινοῦται ἐξ ἁρμοδίων ἐκκλησιαστικῶν κύκλων.

ΠΑΠΑΣΠΥΡΟΥ: Τὴν σημερινὴν συζήτησιν ἡ ἀντιπολίτευσις τὴν ἐπεδίωξε διὰ νὰ δημιουργήσῃ κλίμα ἀνησυχίας. Ἡ κυβέρνησις εἶναι ἀποφασισμένη νὰ προστατεύσῃ τὰς ἐλευθερίας τοῦ λαοῦ, ἀλλὰ καὶ νὰ ἐπιβάλῃ τὸν σεβασμὸν τοῦ νόμου. ΚΑΝΕΛΛΟΠΟΥΛΟΣ: Ὁ λαὸς θὰ κρίνῃ. ΠΡΟΕΔΡΟΣ: Παρακαλῶ, κύριοι βουλευταί. (Θόρυβος, διαμαρτυρίαι ἐκ τῆς ἀντιπολιτεύσεως.)

ΔΗΜΟΚΡΑΤΙΑ ΚΑΙ ΝΟΜΟΣ

ΣΥΝΕΧΕΙΑ ἐκ τῆς 1ης σελίδος. Ὁ ἀρχηγὸς τῆς ΕΡΕ κ. Κανελλόπουλος ἐπανέλαβε κατὰ τὴν σημερινὴν συνεδρίασιν τὰς κατηγορίας περὶ κομμουνιστικοῦ κινδύνου. Ὁ πρωθυπουργὸς ἀπήντησεν ὅτι οὐδὲν συνέβη εἰς τὰ σχολεῖα τῆς Θεσσαλονίκης καὶ ὅτι ἡ ἀντιπολίτευσις χρησιμοποιεῖ ἀνέντιμα μέσα. Ἀλλεπάλληλα ἐπεισόδια ἐσημειώθησαν μεταξὺ βουλευτῶν τῆς πλειοψηφίας καὶ τῆς ἀντιπολιτεύσεως, ὁ δὲ πρόεδρος ἠναγκάσθη νὰ διακόψῃ ἐπανειλημμένως τὴν συνεδρίασιν.

ΠΑΠΑΣΠΥΡΟΥ: Τὴν σημερινὴν συζήτησιν ἡ ἀντιπολίτευσις τὴν ἐπεδίωξε διὰ νὰ δημιουργήσῃ κλίμα ἀνησυχίας. Ἡ κυβέρνησις εἶναι ἀποφασισμένη νὰ προστατεύσῃ τὰς ἐλευθερίας τοῦ λαοῦ, ἀλλὰ καὶ νὰ ἐπιβάλῃ τὸν σεβασμὸν τοῦ νόμου. ΚΑΝΕΛΛΟΠΟΥΛΟΣ: Ὁ λαὸς θὰ κρίνῃ. ΠΡΟΕΔΡΟΣ: Παρακαλῶ, κύριοι βουλευταί. (Θόρυβος, διαμαρτυρίαι ἐκ τῆς ἀντιπολιτεύσεως.)

ΤΟΝ ΥΠΕΣΤΗΡΙΞΕ

ΣΥΝΕΧΕΙΑ ἐκ τῆς 1ης σελίδος. Ὁ ἀρχηγὸς τῆς ΕΡΕ κ. Κανελλόπουλος ἐπανέλαβε κατὰ τὴν σημερινὴν συνεδρίασιν τὰς κατηγορίας περὶ κομμουνιστικοῦ κινδύνου. Ὁ πρωθυπουργὸς ἀπήντησεν ὅτι οὐδὲν συνέβη εἰς τὰ σχολεῖα τῆς Θεσσαλονίκης καὶ ὅτι ἡ ἀντιπολίτευσις χρησιμοποιεῖ ἀνέντιμα μέσα. Ἀλλεπάλληλα ἐπεισόδια ἐσημειώθησαν μεταξὺ βουλευτῶν τῆς πλειοψηφίας καὶ τῆς ἀντιπολιτεύσεως, ὁ δὲ πρόεδρος ἠναγκάσθη νὰ διακόψῃ ἐπανειλημμένως τὴν συνεδρίασιν.

ΠΑΠΑΣΠΥΡΟΥ: Τὴν σημερινὴν συζήτησιν ἡ ἀντιπολίτευσις τὴν ἐπεδίωξε διὰ νὰ δημιουργήσῃ κλίμα ἀνησυχίας. Ἡ κυβέρνησις εἶναι ἀποφασισμένη νὰ προστατεύσῃ τὰς ἐλευθερίας τοῦ λαοῦ, ἀλλὰ καὶ νὰ ἐπιβάλῃ τὸν σεβασμὸν τοῦ νόμου. ΚΑΝΕΛΛΟΠΟΥΛΟΣ: Ὁ λαὸς θὰ κρίνῃ. ΠΡΟΕΔΡΟΣ: Παρακαλῶ, κύριοι βουλευταί. (Θόρυβος, διαμαρτυρίαι ἐκ τῆς ἀντιπολιτεύσεως.)

ΕΠΕΙΣΟΔΙΟΝ

ΣΥΝΕΧΕΙΑ ἐκ τῆς 1ης σελίδος. Ὁ ἀρχηγὸς τῆς ΕΡΕ κ. Κανελλόπουλος ἐπανέλαβε κατὰ τὴν σημερινὴν συνεδρίασιν τὰς κατηγορίας περὶ κομμουνιστικοῦ κινδύνου. Ὁ πρωθυπουργὸς ἀπήντησεν ὅτι οὐδὲν συνέβη εἰς τὰ σχολεῖα τῆς Θεσσαλονίκης καὶ ὅτι ἡ ἀντιπολίτευσις χρησιμοποιεῖ ἀνέντιμα μέσα. Ἀλλεπάλληλα ἐπεισόδια ἐσημειώθησαν μεταξὺ βουλευτῶν τῆς πλειοψηφίας καὶ τῆς ἀντιπολιτεύσεως, ὁ δὲ πρόεδρος ἠναγκάσθη νὰ διακόψῃ ἐπανειλημμένως τὴν συνεδρίασιν.

ΠΑΠΑΣΠΥΡΟΥ: Τὴν σημερινὴν συζήτησιν ἡ ἀντιπολίτευσις τὴν ἐπεδίωξε διὰ νὰ δημιουργήσῃ κλίμα ἀνησυχίας. Ἡ κυβέρνησις εἶναι ἀποφασισμένη νὰ προστατεύσῃ τὰς ἐλευθερίας τοῦ λαοῦ, ἀλλὰ καὶ νὰ ἐπιβάλῃ τὸν σεβασμὸν τοῦ νόμου. ΚΑΝΕΛΛΟΠΟΥΛΟΣ: Ὁ λαὸς θὰ κρίνῃ. ΠΡΟΕΔΡΟΣ: Παρακαλῶ, κύριοι βουλευταί. (Θόρυβος, διαμαρτυρίαι ἐκ τῆς ἀντιπολιτεύσεως.)

Ο κ. ΕΥΦΡΑΙΜΙΔΗΣ

ΣΥΝΕΧΕΙΑ ἐκ τῆς 1ης σελίδος. Ὁ ἀρχηγὸς τῆς ΕΡΕ κ. Κανελλόπουλος ἐπανέλαβε κατὰ τὴν σημερινὴν συνεδρίασιν τὰς κατηγορίας περὶ κομμουνιστικοῦ κινδύνου. Ὁ πρωθυπουργὸς ἀπήντησεν ὅτι οὐδὲν συνέβη εἰς τὰ σχολεῖα τῆς Θεσσαλονίκης καὶ ὅτι ἡ ἀντιπολίτευσις χρησιμοποιεῖ ἀνέντιμα μέσα. Ἀλλεπάλληλα ἐπεισόδια ἐσημειώθησαν μεταξὺ βουλευτῶν τῆς πλειοψηφίας καὶ τῆς ἀντιπολιτεύσεως, ὁ δὲ πρόεδρος ἠναγκάσθη νὰ διακόψῃ ἐπανειλημμένως τὴν συνεδρίασιν.

ΠΑΠΑΣΠΥΡΟΥ: Τὴν σημερινὴν συζήτησιν ἡ ἀντιπολίτευσις τὴν ἐπεδίωξε διὰ νὰ δημιουργήσῃ κλίμα ἀνησυχίας. Ἡ κυβέρνησις εἶναι ἀποφασισμένη νὰ προστατεύσῃ τὰς ἐλευθερίας τοῦ λαοῦ, ἀλλὰ καὶ νὰ ἐπιβάλῃ τὸν σεβασμὸν τοῦ νόμου. ΚΑΝΕΛΛΟΠΟΥΛΟΣ: Ὁ λαὸς θὰ κρίνῃ. ΠΡΟΕΔΡΟΣ: Παρακαλῶ, κύριοι βουλευταί. (Θόρυβος, διαμαρτυρίαι ἐκ τῆς ἀντιπολιτεύσεως.)

ΕΠΙΣΦΑΛΙΣΙΣ ΕΛΕΥΘΕΡΙΑΣ

ΣΥΝΕΧΕΙΑ ἐκ τῆς 1ης σελίδος. Ὁ ἀρχηγὸς τῆς ΕΡΕ κ. Κανελλόπουλος ἐπανέλαβε κατὰ τὴν σημερινὴν συνεδρίασιν τὰς κατηγορίας περὶ κομμουνιστικοῦ κινδύνου. Ὁ πρωθυπουργὸς ἀπήντησεν ὅτι οὐδὲν συνέβη εἰς τὰ σχολεῖα τῆς Θεσσαλονίκης καὶ ὅτι ἡ ἀντιπολίτευσις χρησιμοποιεῖ ἀνέντιμα μέσα. Ἀλλεπάλληλα ἐπεισόδια ἐσημειώθησαν μεταξὺ βουλευτῶν τῆς πλειοψηφίας καὶ τῆς ἀντιπολιτεύσεως, ὁ δὲ πρόεδρος ἠναγκάσθη νὰ διακόψῃ ἐπανειλημμένως τὴν συνεδρίασιν.

ΠΑΠΑΣΠΥΡΟΥ: Τὴν σημερινὴν συζήτησιν ἡ ἀντιπολίτευσις τὴν ἐπεδίωξε διὰ νὰ δημιουργήσῃ κλίμα ἀνησυχίας. Ἡ κυβέρνησις εἶναι ἀποφασισμένη νὰ προστατεύσῃ τὰς ἐλευθερίας τοῦ λαοῦ, ἀλλὰ καὶ νὰ ἐπιβάλῃ τὸν σεβασμὸν τοῦ νόμου. ΚΑΝΕΛΛΟΠΟΥΛΟΣ: Ὁ λαὸς θὰ κρίνῃ. ΠΡΟΕΔΡΟΣ: Παρακαλῶ, κύριοι βουλευταί. (Θόρυβος, διαμαρτυρίαι ἐκ τῆς ἀντιπολιτεύσεως.)

ΣΥΝΕΧΕΙΑ ἐκ τῆς 1ης σελίδος. Ὁ ἀρχηγὸς τῆς ΕΡΕ κ. Κανελλόπουλος ἐπανέλαβε κατὰ τὴν σημερινὴν συνεδρίασιν τὰς κατηγορίας περὶ κομμουνιστικοῦ κινδύνου. Ὁ πρωθυπουργὸς ἀπήντησεν ὅτι οὐδὲν συνέβη εἰς τὰ σχολεῖα τῆς Θεσσαλονίκης καὶ ὅτι ἡ ἀντιπολίτευσις χρησιμοποιεῖ ἀνέντιμα μέσα. Ἀλλεπάλληλα ἐπεισόδια ἐσημειώθησαν μεταξὺ βουλευτῶν τῆς πλειοψηφίας καὶ τῆς ἀντιπολιτεύσεως, ὁ δὲ πρόεδρος ἠναγκάσθη νὰ διακόψῃ ἐπανειλημμένως τὴν συνεδρίασιν.

ΠΑΠΑΣΠΥΡΟΥ: Τὴν σημερινὴν συζήτησιν ἡ ἀντιπολίτευσις τὴν ἐπεδίωξε διὰ νὰ δημιουργήσῃ κλίμα ἀνησυχίας. Ἡ κυβέρνησις εἶναι ἀποφασισμένη νὰ προστατεύσῃ τὰς ἐλευθερίας τοῦ λαοῦ, ἀλλὰ καὶ νὰ ἐπιβάλῃ τὸν σεβασμὸν τοῦ νόμου. ΚΑΝΕΛΛΟΠΟΥΛΟΣ: Ὁ λαὸς θὰ κρίνῃ. ΠΡΟΕΔΡΟΣ: Παρακαλῶ, κύριοι βουλευταί. (Θόρυβος, διαμαρτυρίαι ἐκ τῆς ἀντιπολιτεύσεως.)

ΟΙ ΑΠΕΣΤΑΛΜΕΝΟΙ ΤΟΥ κ. ΑΘΗΝΑΓΟΡΑ
ΣΥΝΩΜΙΛΗΣΑΝ ΜΕΤΑ ΤΟΥ ΤΙΣΣΕΡΑΝ
ΚΑΙ ΑΛΛΩΝ ΚΑΡΔΙΝΑΛΙΩΝ ΕΙΣ ΒΑΤΙΚΑΝΟΝ
ΑΠΕΛΑΘΗ ΑΠΟ ΤΗΝ ΓΑΛΛΙΑΝ Ο ΕΝ ΠΑΡΙΣΙΟΙΣ ΑΡΧΗΓΟΣ
ΤΩΝ ΣΟΒΙΕΤΙΚΩΝ ΑΕΡΟΠΟΡΙΚΩΝ ΓΡΑΜΜΩΝ «ΑΕΡΟΦΛΟΤ»

ΠΟΛΙΣ ΤΟΥ ΒΑΤΙΚΑΝΟΥ, 16 (Ἀσσ. Πρές).— Οἱ ἀπεσταλμένοι τοῦ Οἰκουμενικοῦ Πατριάρχου κ. Ἀθηναγόρα συνωμίλησαν σήμερον μετὰ τοῦ καρδιναλίου Τισσεράν καὶ ἄλλων καρδιναλίων ἐπὶ θεμάτων ἀφορώντων εἰς τὴν προσέγγισιν τῶν Ἐκκλησιῶν.

ΠΑΡΙΣΙΟΙ, 16 (Ρόϊτερ).— Ὁ ἐν Παρισίοις ἀρχηγὸς τῶν σοβιετικῶν ἀεροπορικῶν γραμμῶν «Ἀεροφλότ» ἀπελάθη ἀπὸ τὴν Γαλλίαν, κατηγορηθεὶς διὰ κατασκοπείαν. Ἡ σοβιετικὴ πρεσβεία ἠρνήθη νὰ σχολιάσῃ τὴν ἀπόφασιν.

ΠΑΡΙΣΙΟΙ, 16 (Ρόϊτερ).— Ὁ ἐν Παρισίοις ἀρχηγὸς τῶν σοβιετικῶν ἀεροπορικῶν γραμμῶν «Ἀεροφλότ» ἀπελάθη ἀπὸ τὴν Γαλλίαν, κατηγορηθεὶς διὰ κατασκοπείαν. Ἡ σοβιετικὴ πρεσβεία ἠρνήθη νὰ σχολιάσῃ τὴν ἀπόφασιν.

ΠΟΛΙΣ ΤΟΥ ΒΑΤΙΚΑΝΟΥ, 16 (Ἀσσ. Πρές).— Οἱ ἀπεσταλμένοι τοῦ Οἰκουμενικοῦ Πατριάρχου κ. Ἀθηναγόρα συνωμίλησαν σήμερον μετὰ τοῦ καρδιναλίου Τισσεράν καὶ ἄλλων καρδιναλίων ἐπὶ θεμάτων ἀφορώντων εἰς τὴν προσέγγισιν τῶν Ἐκκλησιῶν.

ΠΑΠΑΣΠΥΡΟΥ: Τὴν σημερινὴν συζήτησιν ἡ ἀντιπολίτευσις τὴν ἐπεδίωξε διὰ νὰ δημιουργήσῃ κλίμα ἀνησυχίας. Ἡ κυβέρνησις εἶναι ἀποφασισμένη νὰ προστατεύσῃ τὰς ἐλευθερίας τοῦ λαοῦ, ἀλλὰ καὶ νὰ ἐπιβάλῃ τὸν σεβασμὸν τοῦ νόμου. ΚΑΝΕΛΛΟΠΟΥΛΟΣ: Ὁ λαὸς θὰ κρίνῃ. ΠΡΟΕΔΡΟΣ: Παρακαλῶ, κύριοι βουλευταί. (Θόρυβος, διαμαρτυρίαι ἐκ τῆς ἀντιπολιτεύσεως.)

ΣΥΝΕΧΕΙΑ ἐκ τῆς 1ης σελίδος. Ὁ ἀρχηγὸς τῆς ΕΡΕ κ. Κανελλόπουλος ἐπανέλαβε κατὰ τὴν σημερινὴν συνεδρίασιν τὰς κατηγορίας περὶ κομμουνιστικοῦ κινδύνου. Ὁ πρωθυπουργὸς ἀπήντησεν ὅτι οὐδὲν συνέβη εἰς τὰ σχολεῖα τῆς Θεσσαλονίκης καὶ ὅτι ἡ ἀντιπολίτευσις χρησιμοποιεῖ ἀνέντιμα μέσα. Ἀλλεπάλληλα ἐπεισόδια ἐσημειώθησαν μεταξὺ βουλευτῶν τῆς πλειοψηφίας καὶ τῆς ἀντιπολιτεύσεως, ὁ δὲ πρόεδρος ἠναγκάσθη νὰ διακόψῃ ἐπανειλημμένως τὴν συνεδρίασιν.

ΕΙΣΦΟΡΑΙ ΤΩΝ ΣΧΟΛΕΙΩΝ

ΠΑΠΑΣΠΥΡΟΥ: Τὴν σημερινὴν συζήτησιν ἡ ἀντιπολίτευσις τὴν ἐπεδίωξε διὰ νὰ δημιουργήσῃ κλίμα ἀνησυχίας. Ἡ κυβέρνησις εἶναι ἀποφασισμένη νὰ προστατεύσῃ τὰς ἐλευθερίας τοῦ λαοῦ, ἀλλὰ καὶ νὰ ἐπιβάλῃ τὸν σεβασμὸν τοῦ νόμου. ΚΑΝΕΛΛΟΠΟΥΛΟΣ: Ὁ λαὸς θὰ κρίνῃ. ΠΡΟΕΔΡΟΣ: Παρακαλῶ, κύριοι βουλευταί. (Θόρυβος, διαμαρτυρίαι ἐκ τῆς ἀντιπολιτεύσεως.)

ΣΥΝΕΧΕΙΑ ἐκ τῆς 1ης σελίδος. Ὁ ἀρχηγὸς τῆς ΕΡΕ κ. Κανελλόπουλος ἐπανέλαβε κατὰ τὴν σημερινὴν συνεδρίασιν τὰς κατηγορίας περὶ κομμουνιστικοῦ κινδύνου. Ὁ πρωθυπουργὸς ἀπήντησεν ὅτι οὐδὲν συνέβη εἰς τὰ σχολεῖα τῆς Θεσσαλονίκης καὶ ὅτι ἡ ἀντιπολίτευσις χρησιμοποιεῖ ἀνέντιμα μέσα. Ἀλλεπάλληλα ἐπεισόδια ἐσημειώθησαν μεταξὺ βουλευτῶν τῆς πλειοψηφίας καὶ τῆς ἀντιπολιτεύσεως, ὁ δὲ πρόεδρος ἠναγκάσθη νὰ διακόψῃ ἐπανειλημμένως τὴν συνεδρίασιν.

ΠΑΠΑΣΠΥΡΟΥ: Τὴν σημερινὴν συζήτησιν ἡ ἀντιπολίτευσις τὴν ἐπεδίωξε διὰ νὰ δημιουργήσῃ κλίμα ἀνησυχίας. Ἡ κυβέρνησις εἶναι ἀποφασισμένη νὰ προστατεύσῃ τὰς ἐλευθερίας τοῦ λαοῦ, ἀλλὰ καὶ νὰ ἐπιβάλῃ τὸν σεβασμὸν τοῦ νόμου. ΚΑΝΕΛΛΟΠΟΥΛΟΣ: Ὁ λαὸς θὰ κρίνῃ. ΠΡΟΕΔΡΟΣ: Παρακαλῶ, κύριοι βουλευταί. (Θόρυβος, διαμαρτυρίαι ἐκ τῆς ἀντιπολιτεύσεως.)

ΣΥΝΕΧΕΙΑ ἐκ τῆς 1ης σελίδος. Ὁ ἀρχηγὸς τῆς ΕΡΕ κ. Κανελλόπουλος ἐπανέλαβε κατὰ τὴν σημερινὴν συνεδρίασιν τὰς κατηγορίας περὶ κομμουνιστικοῦ κινδύνου. Ὁ πρωθυπουργὸς ἀπήντησεν ὅτι οὐδὲν συνέβη εἰς τὰ σχολεῖα τῆς Θεσσαλονίκης καὶ ὅτι ἡ ἀντιπολίτευσις χρησιμοποιεῖ ἀνέντιμα μέσα. Ἀλλεπάλληλα ἐπεισόδια ἐσημειώθησαν μεταξὺ βουλευτῶν τῆς πλειοψηφίας καὶ τῆς ἀντιπολιτεύσεως, ὁ δὲ πρόεδρος ἠναγκάσθη νὰ διακόψῃ ἐπανειλημμένως τὴν συνεδρίασιν.

ΠΑΠΑΣΠΥΡΟΥ: Τὴν σημερινὴν συζήτησιν ἡ ἀντιπολίτευσις τὴν ἐπεδίωξε διὰ νὰ δημιουργήσῃ κλίμα ἀνησυχίας. Ἡ κυβέρνησις εἶναι ἀποφασισμένη νὰ προστατεύσῃ τὰς ἐλευθερίας τοῦ λαοῦ, ἀλλὰ καὶ νὰ ἐπιβάλῃ τὸν σεβασμὸν τοῦ νόμου. ΚΑΝΕΛΛΟΠΟΥΛΟΣ: Ὁ λαὸς θὰ κρίνῃ. ΠΡΟΕΔΡΟΣ: Παρακαλῶ, κύριοι βουλευταί. (Θόρυβος, διαμαρτυρίαι ἐκ τῆς ἀντιπολιτεύσεως.)

ΣΥΝΕΧΕΙΑ ἐκ τῆς 1ης σελίδος. Ὁ ἀρχηγὸς τῆς ΕΡΕ κ. Κανελλόπουλος ἐπανέλαβε κατὰ τὴν σημερινὴν συνεδρίασιν τὰς κατηγορίας περὶ κομμουνιστικοῦ κινδύνου. Ὁ πρωθυπουργὸς ἀπήντησεν ὅτι οὐδὲν συνέβη εἰς τὰ σχολεῖα τῆς Θεσσαλονίκης καὶ ὅτι ἡ ἀντιπολίτευσις χρησιμοποιεῖ ἀνέντιμα μέσα. Ἀλλεπάλληλα ἐπεισόδια ἐσημειώθησαν μεταξὺ βουλευτῶν τῆς πλειοψηφίας καὶ τῆς ἀντιπολιτεύσεως, ὁ δὲ πρόεδρος ἠναγκάσθη νὰ διακόψῃ ἐπανειλημμένως τὴν συνεδρίασιν.

ΠΑΠΑΣΠΥΡΟΥ: Τὴν σημερινὴν συζήτησιν ἡ ἀντιπολίτευσις τὴν ἐπεδίωξε διὰ νὰ δημιουργήσῃ κλίμα ἀνησυχίας. Ἡ κυβέρνησις εἶναι ἀποφασισμένη νὰ προστατεύσῃ τὰς ἐλευθερίας τοῦ λαοῦ, ἀλλὰ καὶ νὰ ἐπιβάλῃ τὸν σεβασμὸν τοῦ νόμου. ΚΑΝΕΛΛΟΠΟΥΛΟΣ: Ὁ λαὸς θὰ κρίνῃ. ΠΡΟΕΔΡΟΣ: Παρακαλῶ, κύριοι βουλευταί. (Θόρυβος, διαμαρτυρίαι ἐκ τῆς ἀντιπολιτεύσεως.)
